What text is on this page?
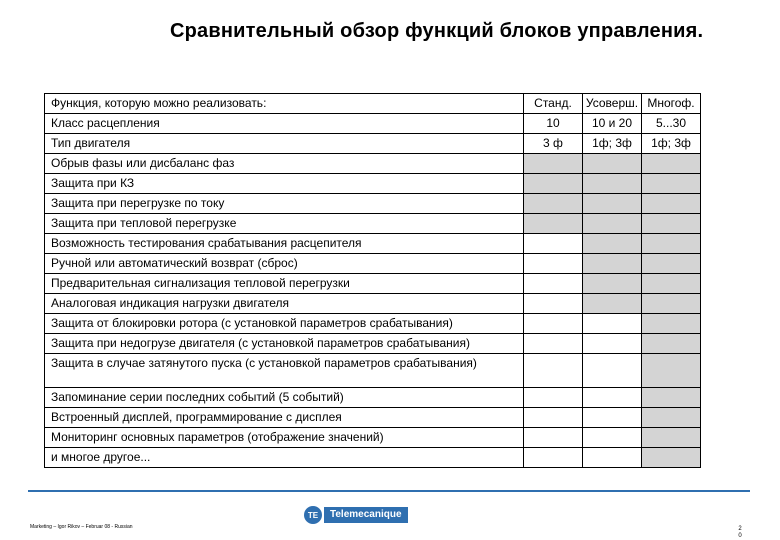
Сравнительный обзор функций блоков управления.
Функция, которую можно реализовать:	Станд.	Усоверш.	Многоф.
Класс расцепления	10	10 и 20	5...30
Тип двигателя	3 ф	1ф; 3ф	1ф; 3ф
Обрыв фазы или дисбаланс фаз			
Защита при КЗ			
Защита при перегрузке по току			
Защита при тепловой перегрузке			
Возможность тестирования срабатывания расцепителя			
Ручной или автоматический возврат (сброс)			
Предварительная сигнализация тепловой перегрузки			
Аналоговая индикация нагрузки двигателя			
Защита от блокировки ротора (с установкой параметров срабатывания)			
Защита при недогрузе двигателя (с установкой параметров срабатывания)			
Защита в случае затянутого пуска (с установкой параметров срабатывания)			
Запоминание серии последних событий (5 событий)			
Встроенный дисплей, программирование с дисплея			
Мониторинг основных параметров (отображение значений)			
и многое другое...			
TE	Telemecanique
Marketing – Igor Rikov – Februar 08 - Russian	2
0
